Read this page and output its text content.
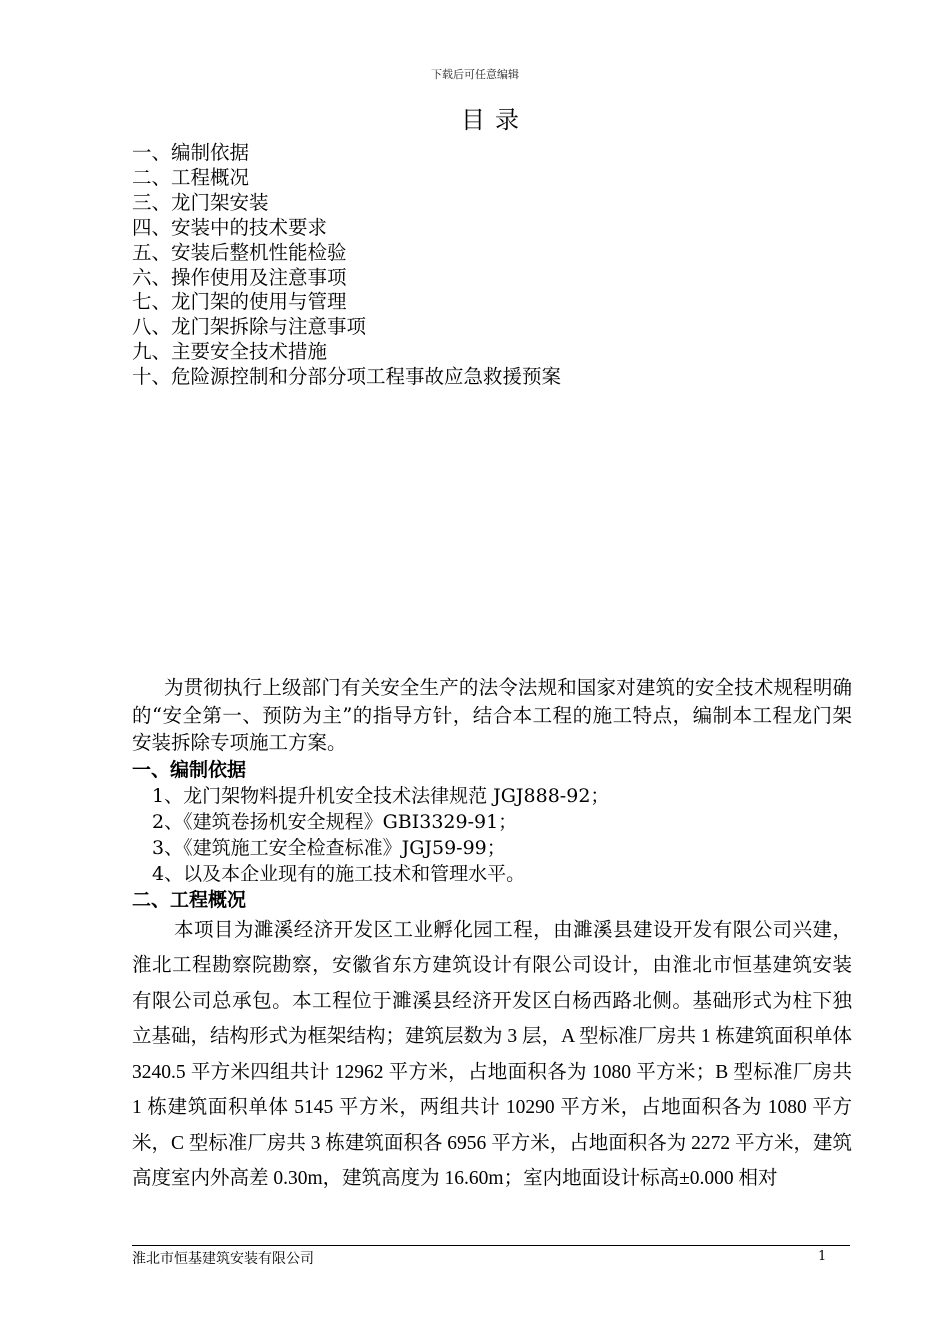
下载后可任意编辑
目录
一、编制依据
二、工程概况
三、龙门架安装
四、安装中的技术要求
五、安装后整机性能检验
六、操作使用及注意事项
七、龙门架的使用与管理
八、龙门架拆除与注意事项
九、主要安全技术措施
十、危险源控制和分部分项工程事故应急救援预案

为贯彻执行上级部门有关安全生产的法令法规和国家对建筑的安全技术规程明确的“安全第一、预防为主”的指导方针，结合本工程的施工特点，编制本工程龙门架安装拆除专项施工方案。

一、编制依据

1、龙门架物料提升机安全技术法律规范 JGJ888-92；

2、《建筑卷扬机安全规程》GBI3329-91；

3、《建筑施工安全检查标准》JGJ59-99；

4、以及本企业现有的施工技术和管理水平。

二、工程概况

本项目为濉溪经济开发区工业孵化园工程，由濉溪县建设开发有限公司兴建，淮北工程勘察院勘察，安徽省东方建筑设计有限公司设计，由淮北市恒基建筑安装有限公司总承包。本工程位于濉溪县经济开发区白杨西路北侧。基础形式为柱下独立基础，结构形式为框架结构；建筑层数为 3 层，A 型标准厂房共 1 栋建筑面积单体 3240.5 平方米四组共计 12962 平方米，占地面积各为 1080 平方米；B 型标准厂房共 1 栋建筑面积单体 5145 平方米，两组共计 10290 平方米，占地面积各为 1080 平方米，C 型标准厂房共 3 栋建筑面积各 6956 平方米，占地面积各为 2272 平方米，建筑高度室内外高差 0.30m，建筑高度为 16.60m；室内地面设计标高±0.000 相对

淮北市恒基建筑安装有限公司	1
